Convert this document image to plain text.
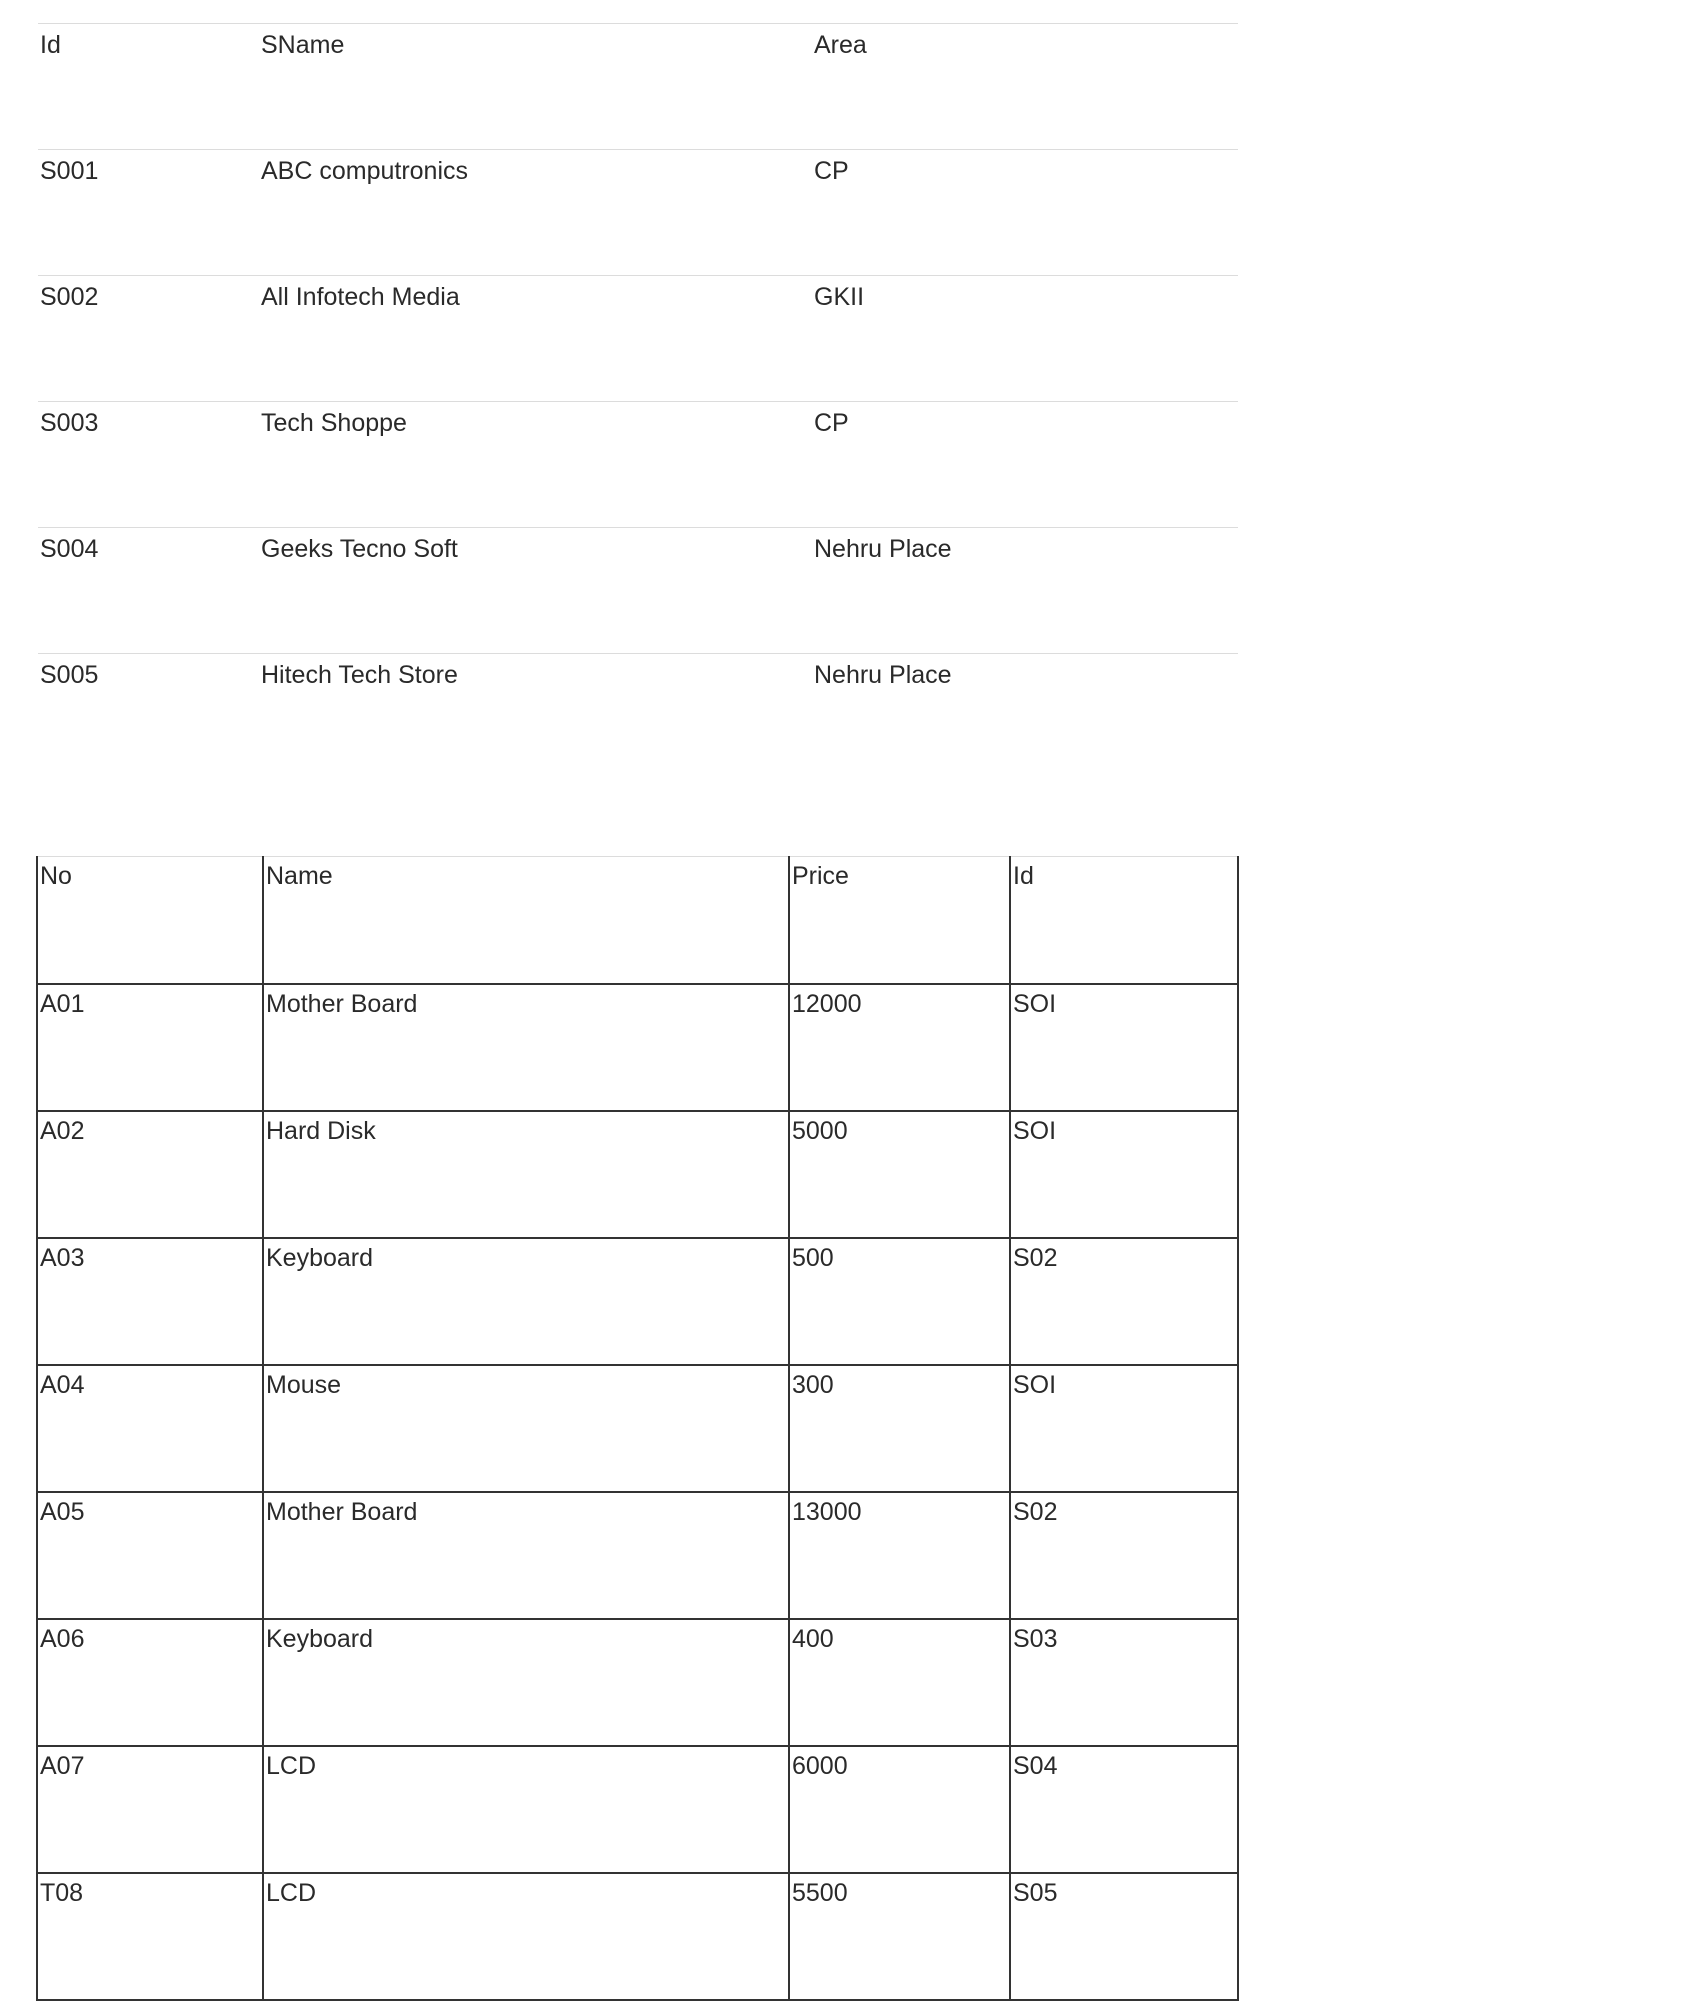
Id	SName	Area
S001	ABC computronics	CP
S002	All Infotech Media	GKII
S003	Tech Shoppe	CP
S004	Geeks Tecno Soft	Nehru Place
S005	Hitech Tech Store	Nehru Place
No	Name	Price	Id
A01	Mother Board	12000	SOI
A02	Hard Disk	5000	SOI
A03	Keyboard	500	S02
A04	Mouse	300	SOI
A05	Mother Board	13000	S02
A06	Keyboard	400	S03
A07	LCD	6000	S04
T08	LCD	5500	S05
